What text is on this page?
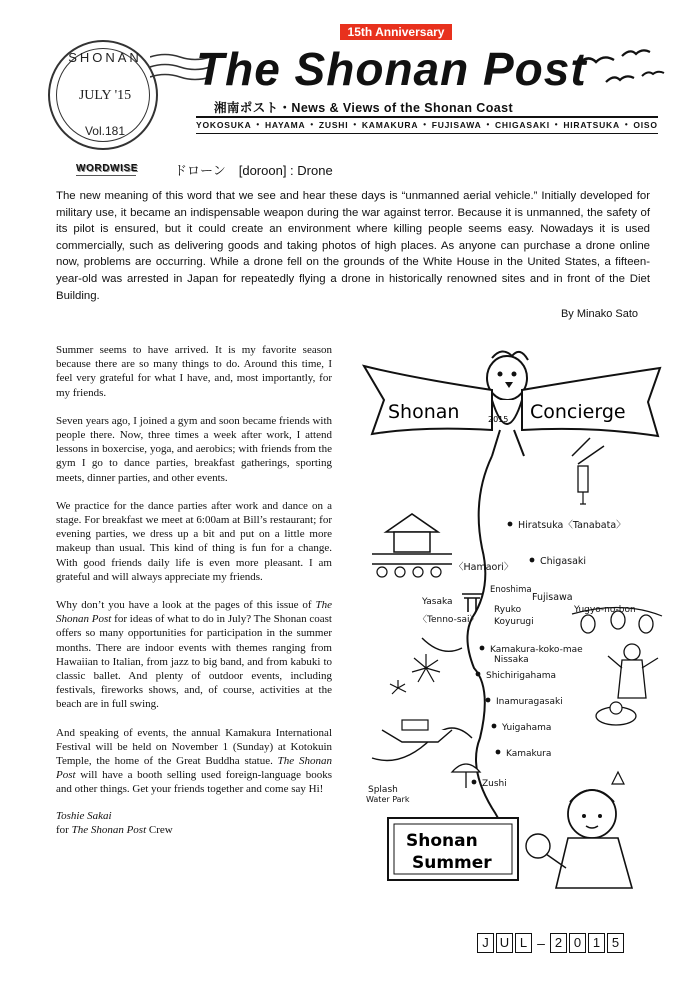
SHONAN
JULY '15
Vol.181
15th Anniversary
The Shonan Post
湘南ポスト・News & Views of the Shonan Coast
YOKOSUKA • HAYAMA • ZUSHI • KAMAKURA • FUJISAWA • CHIGASAKI • HIRATSUKA • OISO
WORDWISE	ドローン　[doroon] : Drone
The new meaning of this word that we see and hear these days is “unmanned aerial vehicle.” Initially developed for military use, it became an indispensable weapon during the war against terror. Because it is unmanned, the safety of its pilot is ensured, but it could create an environment where killing people seems easy. Nowadays it is used commercially, such as delivering goods and taking photos of high places. As anyone can purchase a drone online now, problems are occurring. While a drone fell on the grounds of the White House in the United States, a fifteen-year-old was arrested in Japan for repeatedly flying a drone in historically renowned sites and in front of the Diet Building.
By Minako Sato

Summer seems to have arrived. It is my favorite season because there are so many things to do. Around this time, I feel very grateful for what I have, and, most importantly, for my friends.

Seven years ago, I joined a gym and soon became friends with people there. Now, three times a week after work, I attend lessons in boxercise, yoga, and aerobics; with friends from the gym I go to dance parties, breakfast gatherings, sporting meets, dinner parties, and other events.

We practice for the dance parties after work and dance on a stage. For breakfast we meet at 6:00am at Bill’s restaurant; for evening parties, we dress up a bit and put on a little more makeup than usual. This kind of thing is fun for a change. With good friends daily life is even more pleasant. I am grateful and will always appreciate my friends.

Why don’t you have a look at the pages of this issue of The Shonan Post for ideas of what to do in July? The Shonan coast offers so many opportunities for participation in the summer months. There are indoor events with themes ranging from Hawaiian to Italian, from jazz to big band, and from kabuki to classic ballet. And plenty of outdoor events, including festivals, fireworks shows, and, of course, activities at the beach are in full swing.

And speaking of events, the annual Kamakura International Festival will be held on November 1 (Sunday) at Kotokuin Temple, the home of the Great Buddha statue. The Shonan Post will have a booth selling used foreign-language books and other things. Get your friends together and come say Hi!

Toshie Sakai
for The Shonan Post Crew
Shonan	2015 Concierge
Hiratsuka〈Tanabata〉
Chigasaki
〈Hamaori〉
Enoshima
Fujisawa
Yasaka
〈Tenno-sai〉
Ryuko
Koyurugi
Yugyo-no-bon
Kamakura-koko-mae
Nissaka
Shichirigahama
Inamuragasaki
Yuigahama
Kamakura
Zushi
Splash
Water Park
Shonan
Summer
J U L – 2 0 1 5
